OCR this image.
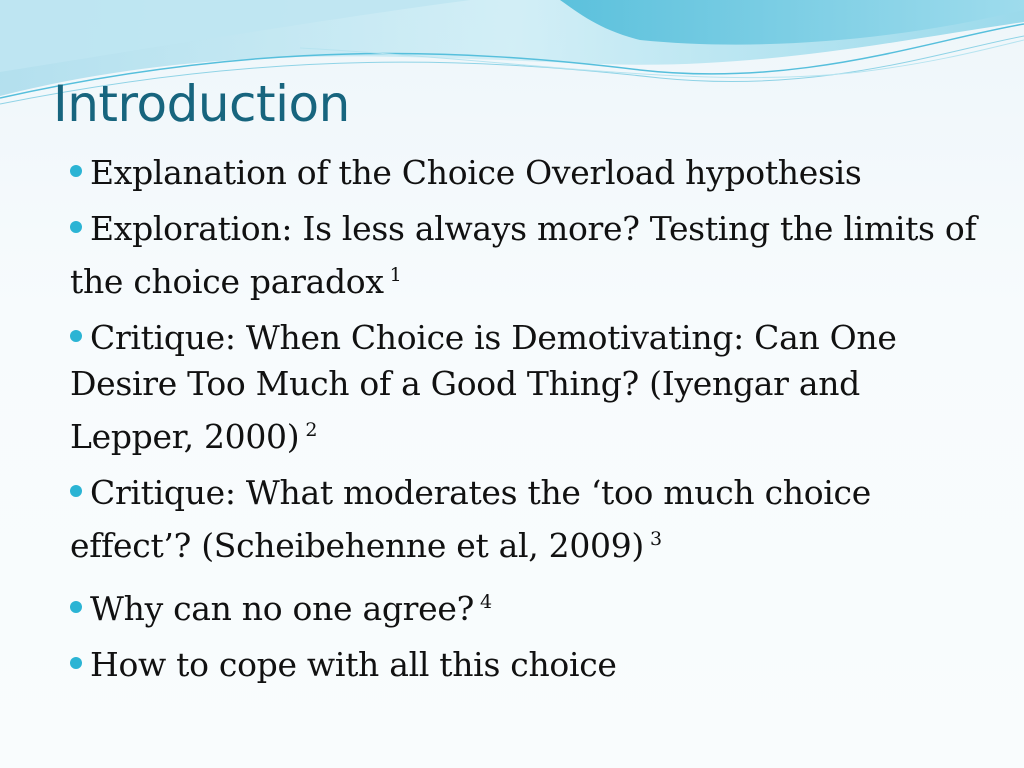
Introduction
Explanation of the Choice Overload hypothesis
Exploration: Is less always more? Testing the limits of the choice paradox $^1$
Critique: When Choice is Demotivating: Can One Desire Too Much of a Good Thing? (Iyengar and Lepper, 2000) $^2$
Critique: What moderates the ‘too much choice effect’? (Scheibehenne et al, 2009) $^3$
Why can no one agree? $^4$
How to cope with all this choice
